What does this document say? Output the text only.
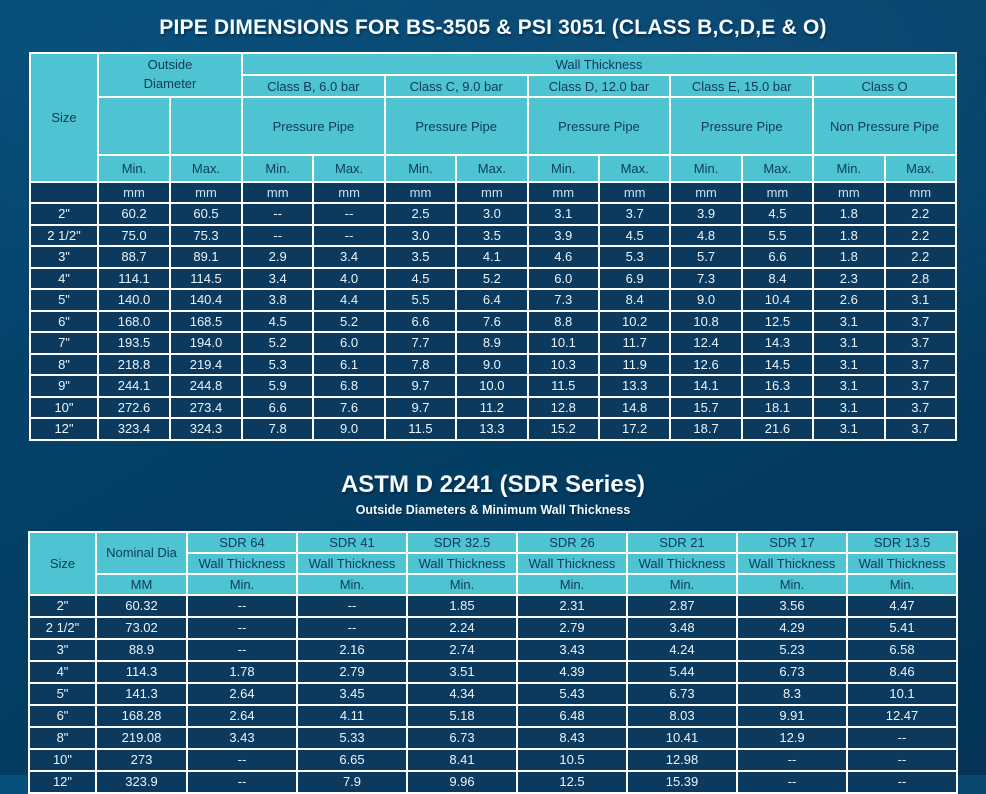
PIPE DIMENSIONS FOR BS-3505 & PSI 3051 (CLASS B,C,D,E & O)
Size	Outside
Diameter		Wall Thickness									
			Class B, 6.0 bar		Class C, 9.0 bar		Class D, 12.0 bar		Class E, 15.0 bar		Class O	
			Pressure Pipe		Pressure Pipe		Pressure Pipe		Pressure Pipe		Non Pressure Pipe	
	Min.	Max.	Min.	Max.	Min.	Max.	Min.	Max.	Min.	Max.	Min.	Max.
	mm	mm	mm	mm	mm	mm	mm	mm	mm	mm	mm	mm
2"	60.2	60.5	--	--	2.5	3.0	3.1	3.7	3.9	4.5	1.8	2.2
2 1/2"	75.0	75.3	--	--	3.0	3.5	3.9	4.5	4.8	5.5	1.8	2.2
3"	88.7	89.1	2.9	3.4	3.5	4.1	4.6	5.3	5.7	6.6	1.8	2.2
4"	114.1	114.5	3.4	4.0	4.5	5.2	6.0	6.9	7.3	8.4	2.3	2.8
5"	140.0	140.4	3.8	4.4	5.5	6.4	7.3	8.4	9.0	10.4	2.6	3.1
6"	168.0	168.5	4.5	5.2	6.6	7.6	8.8	10.2	10.8	12.5	3.1	3.7
7"	193.5	194.0	5.2	6.0	7.7	8.9	10.1	11.7	12.4	14.3	3.1	3.7
8"	218.8	219.4	5.3	6.1	7.8	9.0	10.3	11.9	12.6	14.5	3.1	3.7
9"	244.1	244.8	5.9	6.8	9.7	10.0	11.5	13.3	14.1	16.3	3.1	3.7
10"	272.6	273.4	6.6	7.6	9.7	11.2	12.8	14.8	15.7	18.1	3.1	3.7
12"	323.4	324.3	7.8	9.0	11.5	13.3	15.2	17.2	18.7	21.6	3.1	3.7
ASTM D 2241 (SDR Series)
Outside Diameters & Minimum Wall Thickness
Size	Nominal Dia	SDR 64	SDR 41	SDR 32.5	SDR 26	SDR 21	SDR 17	SDR 13.5
		Wall Thickness	Wall Thickness	Wall Thickness	Wall Thickness	Wall Thickness	Wall Thickness	Wall Thickness
	MM	Min.	Min.	Min.	Min.	Min.	Min.	Min.
2"	60.32	--	--	1.85	2.31	2.87	3.56	4.47
2 1/2"	73.02	--	--	2.24	2.79	3.48	4.29	5.41
3"	88.9	--	2.16	2.74	3.43	4.24	5.23	6.58
4"	114.3	1.78	2.79	3.51	4.39	5.44	6.73	8.46
5"	141.3	2.64	3.45	4.34	5.43	6.73	8.3	10.1
6"	168.28	2.64	4.11	5.18	6.48	8.03	9.91	12.47
8"	219.08	3.43	5.33	6.73	8.43	10.41	12.9	--
10"	273	--	6.65	8.41	10.5	12.98	--	--
12"	323.9	--	7.9	9.96	12.5	15.39	--	--
